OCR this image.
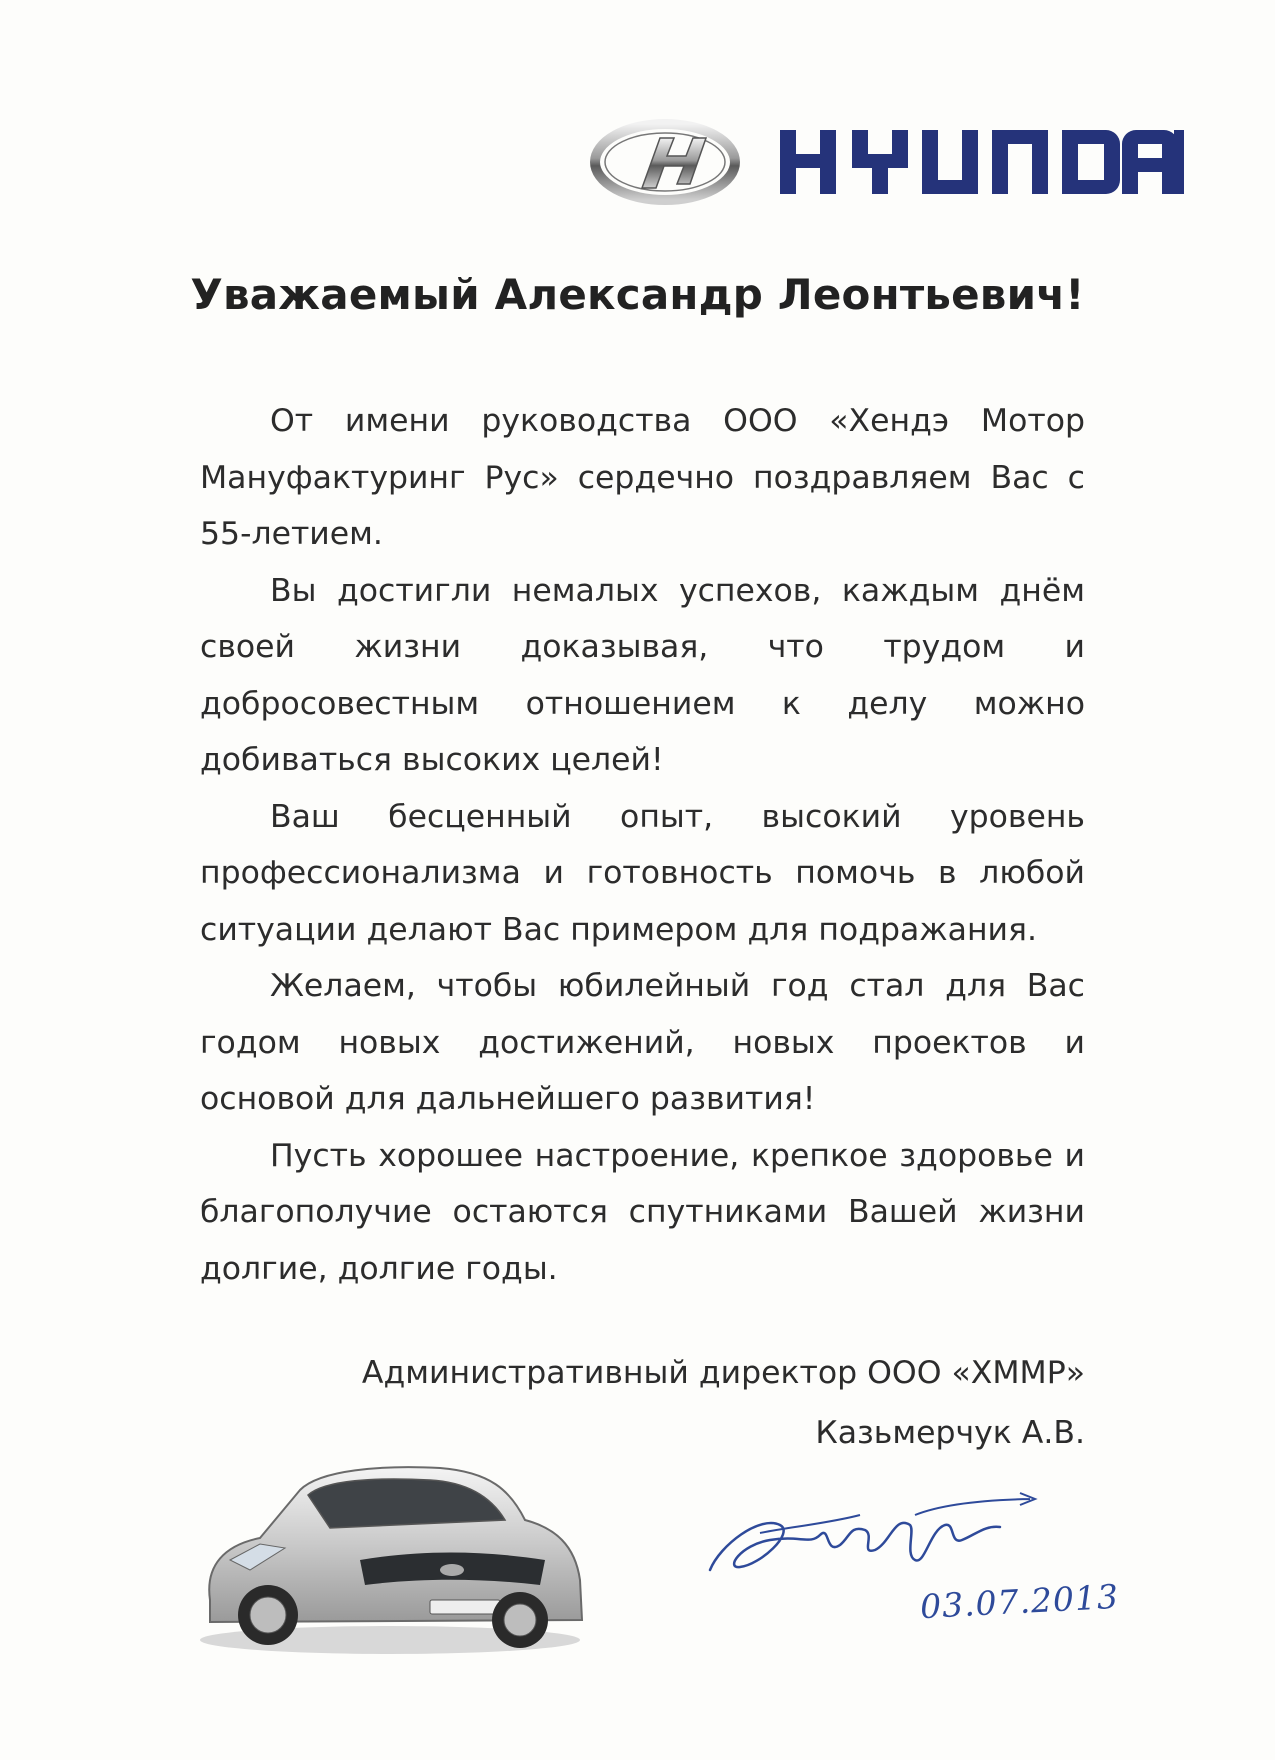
Уважаемый Александр Леонтьевич!

От имени руководства ООО «Хендэ Мотор Мануфактуринг Рус» сердечно поздравляем Вас с 55-летием.

Вы достигли немалых успехов, каждым днём своей жизни доказывая, что трудом и добросовестным отношением к делу можно добиваться высоких целей!

Ваш бесценный опыт, высокий уровень профессионализма и готовность помочь в любой ситуации делают Вас примером для подражания.

Желаем, чтобы юбилейный год стал для Вас годом новых достижений, новых проектов и основой для дальнейшего развития!

Пусть хорошее настроение, крепкое здоровье и благополучие остаются спутниками Вашей жизни долгие, долгие годы.

Административный директор ООО «ХММР»
Казьмерчук А.В.
03.07.2013
